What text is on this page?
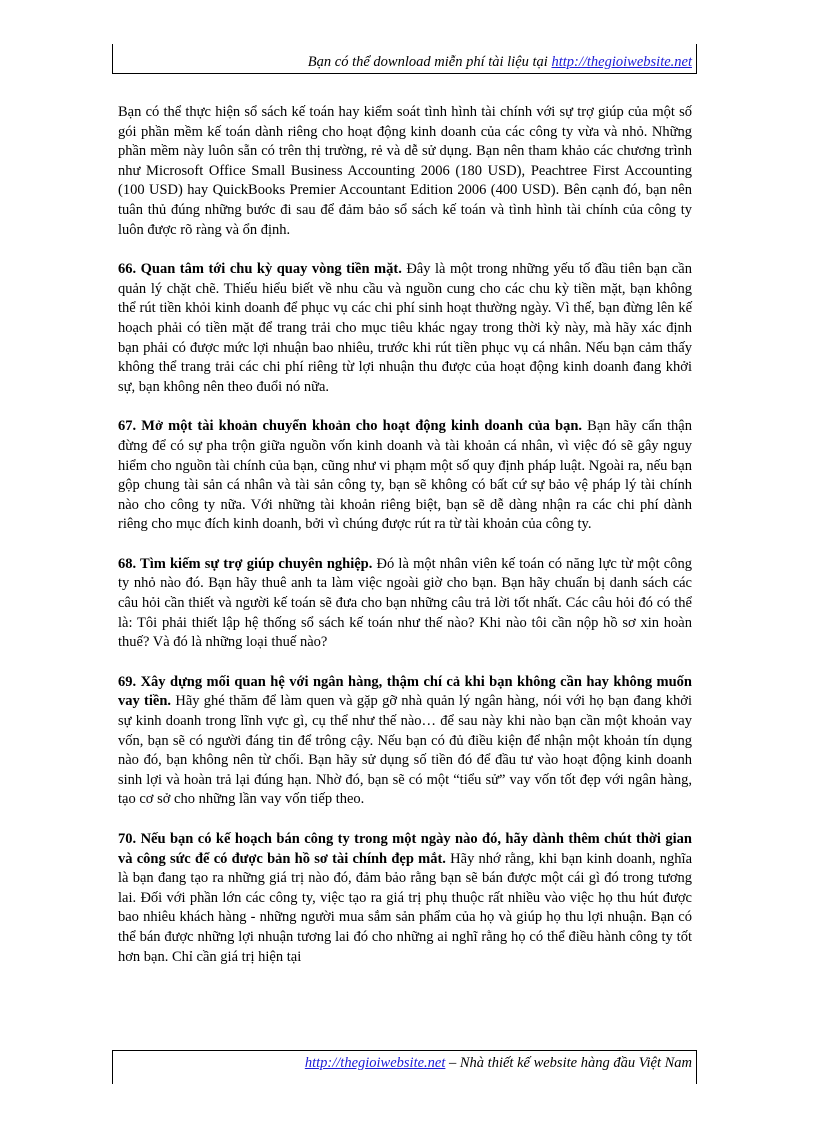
Bạn có thể download miễn phí tài liệu tại http://thegioiwebsite.net

Bạn có thể thực hiện sổ sách kế toán hay kiểm soát tình hình tài chính với sự trợ giúp của một số gói phần mềm kế toán dành riêng cho hoạt động kinh doanh của các công ty vừa và nhỏ. Những phần mềm này luôn sẵn có trên thị trường, rẻ và dễ sử dụng. Bạn nên tham khảo các chương trình như Microsoft Office Small Business Accounting 2006 (180 USD), Peachtree First Accounting (100 USD) hay QuickBooks Premier Accountant Edition 2006 (400 USD). Bên cạnh đó, bạn nên tuân thủ đúng những bước đi sau để đảm bảo sổ sách kế toán và tình hình tài chính của công ty luôn được rõ ràng và ổn định.

66. Quan tâm tới chu kỳ quay vòng tiền mặt. Đây là một trong những yếu tố đầu tiên bạn cần quản lý chặt chẽ. Thiếu hiểu biết về nhu cầu và nguồn cung cho các chu kỳ tiền mặt, bạn không thể rút tiền khỏi kinh doanh để phục vụ các chi phí sinh hoạt thường ngày. Vì thế, bạn đừng lên kế hoạch phải có tiền mặt để trang trải cho mục tiêu khác ngay trong thời kỳ này, mà hãy xác định bạn phải có được mức lợi nhuận bao nhiêu, trước khi rút tiền phục vụ cá nhân. Nếu bạn cảm thấy không thể trang trải các chi phí riêng từ lợi nhuận thu được của hoạt động kinh doanh đang khởi sự, bạn không nên theo đuổi nó nữa.

67. Mở một tài khoản chuyển khoản cho hoạt động kinh doanh của bạn. Bạn hãy cẩn thận đừng để có sự pha trộn giữa nguồn vốn kinh doanh và tài khoản cá nhân, vì việc đó sẽ gây nguy hiểm cho nguồn tài chính của bạn, cũng như vi phạm một số quy định pháp luật. Ngoài ra, nếu bạn gộp chung tài sản cá nhân và tài sản công ty, bạn sẽ không có bất cứ sự bảo vệ pháp lý tài chính nào cho công ty nữa. Với những tài khoản riêng biệt, bạn sẽ dễ dàng nhận ra các chi phí dành riêng cho mục đích kinh doanh, bởi vì chúng được rút ra từ tài khoản của công ty.

68. Tìm kiếm sự trợ giúp chuyên nghiệp. Đó là một nhân viên kế toán có năng lực từ một công ty nhỏ nào đó. Bạn hãy thuê anh ta làm việc ngoài giờ cho bạn. Bạn hãy chuẩn bị danh sách các câu hỏi cần thiết và người kế toán sẽ đưa cho bạn những câu trả lời tốt nhất. Các câu hỏi đó có thể là: Tôi phải thiết lập hệ thống sổ sách kế toán như thế nào? Khi nào tôi cần nộp hồ sơ xin hoàn thuế? Và đó là những loại thuế nào?

69. Xây dựng mối quan hệ với ngân hàng, thậm chí cả khi bạn không cần hay không muốn vay tiền. Hãy ghé thăm để làm quen và gặp gỡ nhà quản lý ngân hàng, nói với họ bạn đang khởi sự kinh doanh trong lĩnh vực gì, cụ thể như thế nào… để sau này khi nào bạn cần một khoản vay vốn, bạn sẽ có người đáng tin để trông cậy. Nếu bạn có đủ điều kiện để nhận một khoản tín dụng nào đó, bạn không nên từ chối. Bạn hãy sử dụng số tiền đó để đầu tư vào hoạt động kinh doanh sinh lợi và hoàn trả lại đúng hạn. Nhờ đó, bạn sẽ có một “tiểu sử” vay vốn tốt đẹp với ngân hàng, tạo cơ sở cho những lần vay vốn tiếp theo.

70. Nếu bạn có kế hoạch bán công ty trong một ngày nào đó, hãy dành thêm chút thời gian và công sức để có được bản hồ sơ tài chính đẹp mắt. Hãy nhớ rằng, khi bạn kinh doanh, nghĩa là bạn đang tạo ra những giá trị nào đó, đảm bảo rằng bạn sẽ bán được một cái gì đó trong tương lai. Đối với phần lớn các công ty, việc tạo ra giá trị phụ thuộc rất nhiều vào việc họ thu hút được bao nhiêu khách hàng - những người mua sắm sản phẩm của họ và giúp họ thu lợi nhuận. Bạn có thể bán được những lợi nhuận tương lai đó cho những ai nghĩ rằng họ có thể điều hành công ty tốt hơn bạn. Chỉ cần giá trị hiện tại

http://thegioiwebsite.net – Nhà thiết kế website hàng đầu Việt Nam
